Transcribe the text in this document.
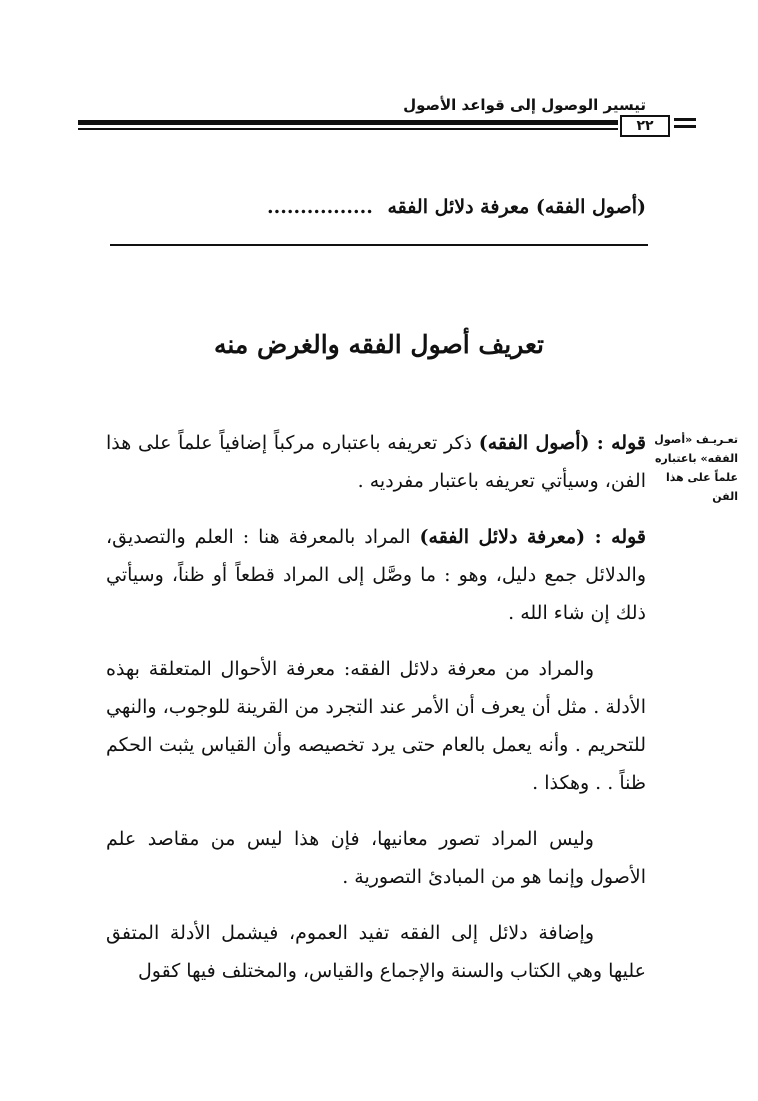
تيسير الوصول إلى قواعد الأصول
٢٢
(أصول الفقه) معرفة دلائل الفقه ................
تعريف أصول الفقه والغرض منه
تعـريـف «أصول الفقه» باعتباره علماً على هذا الفن

قوله : (أصول الفقه) ذكر تعريفه باعتباره مركباً إضافياً علماً على هذا الفن، وسيأتي تعريفه باعتبار مفرديه .

قوله : (معرفة دلائل الفقه) المراد بالمعرفة هنا : العلم والتصديق، والدلائل جمع دليل، وهو : ما وصَّل إلى المراد قطعاً أو ظناً، وسيأتي ذلك إن شاء الله .

والمراد من معرفة دلائل الفقه: معرفة الأحوال المتعلقة بهذه الأدلة . مثل أن يعرف أن الأمر عند التجرد من القرينة للوجوب، والنهي للتحريم . وأنه يعمل بالعام حتى يرد تخصيصه وأن القياس يثبت الحكم ظناً . . وهكذا .

وليس المراد تصور معانيها، فإن هذا ليس من مقاصد علم الأصول وإنما هو من المبادئ التصورية .

وإضافة دلائل إلى الفقه تفيد العموم، فيشمل الأدلة المتفق عليها وهي الكتاب والسنة والإجماع والقياس، والمختلف فيها كقول
